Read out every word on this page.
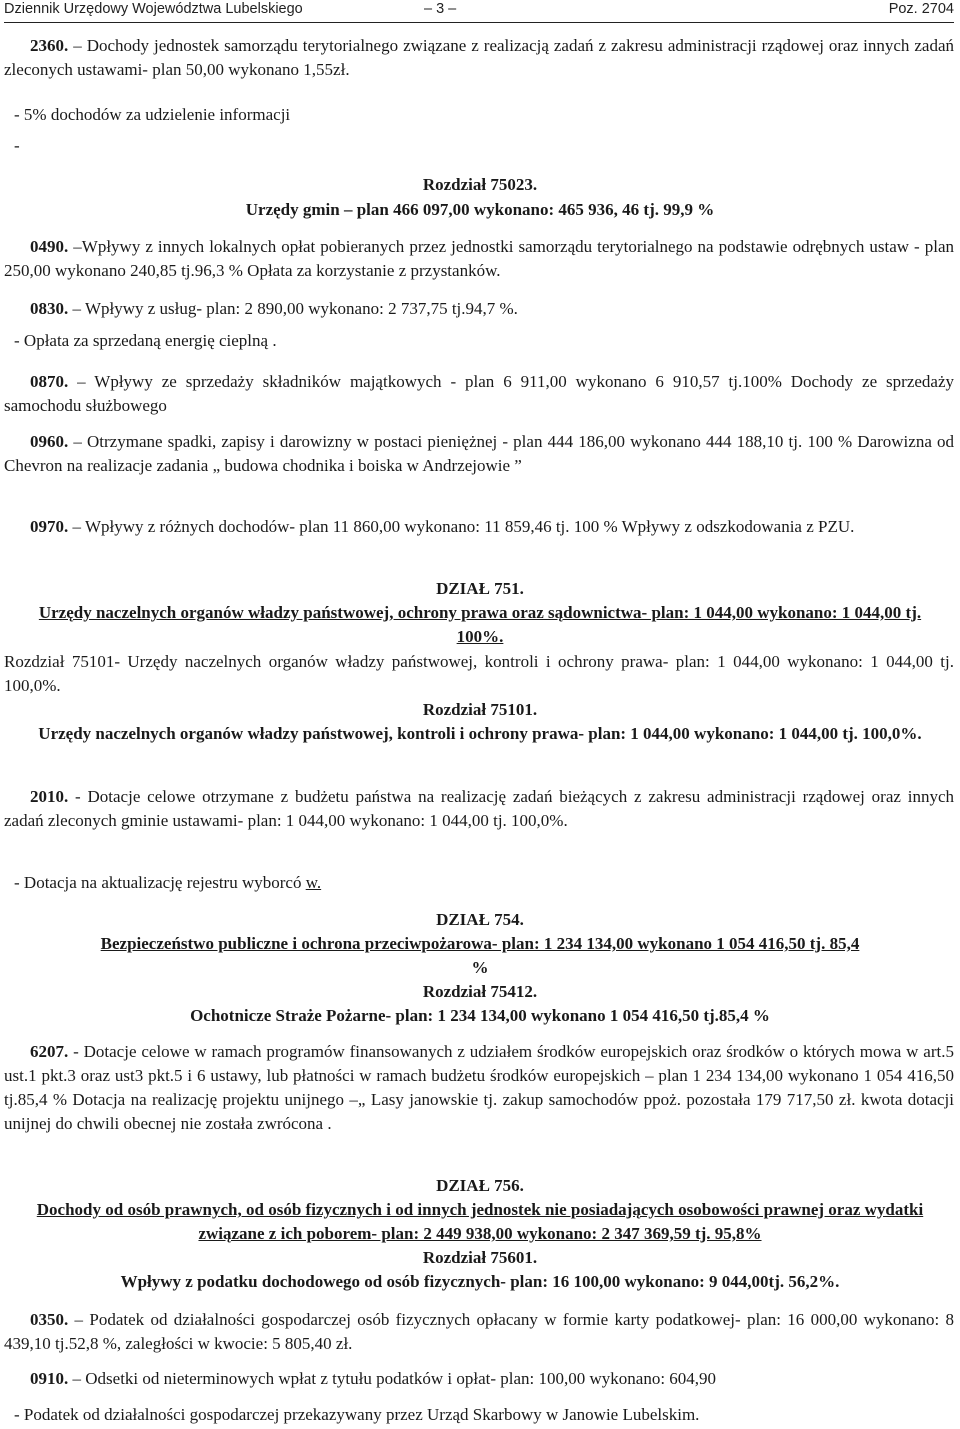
Dziennik Urzędowy Województwa Lubelskiego	– 3 –	Poz. 2704

2360. – Dochody jednostek samorządu terytorialnego związane z realizacją zadań z zakresu administracji rządowej oraz innych zadań zleconych ustawami- plan 50,00 wykonano 1,55zł.

- 5% dochodów za udzielenie informacji

-

Rozdział 75023.

Urzędy gmin – plan 466 097,00 wykonano: 465 936, 46 tj. 99,9 %

0490. –Wpływy z innych lokalnych opłat pobieranych przez jednostki samorządu terytorialnego na podstawie odrębnych ustaw - plan 250,00 wykonano 240,85 tj.96,3 % Opłata za korzystanie z przystanków.

0830. – Wpływy z usług- plan: 2 890,00 wykonano: 2 737,75 tj.94,7 %.

- Opłata za sprzedaną energię cieplną .

0870. – Wpływy ze sprzedaży składników majątkowych - plan 6 911,00 wykonano 6 910,57 tj.100% Dochody ze sprzedaży samochodu służbowego

0960. – Otrzymane spadki, zapisy i darowizny w postaci pieniężnej - plan 444 186,00 wykonano 444 188,10 tj. 100 % Darowizna od Chevron na realizacje zadania „ budowa chodnika i boiska w Andrzejowie ”

0970. – Wpływy z różnych dochodów- plan 11 860,00 wykonano: 11 859,46 tj. 100 % Wpływy z odszkodowania z PZU.

DZIAŁ 751.

Urzędy naczelnych organów władzy państwowej, ochrony prawa oraz sądownictwa- plan: 1 044,00 wykonano: 1 044,00 tj. 100%.

Rozdział 75101- Urzędy naczelnych organów władzy państwowej, kontroli i ochrony prawa- plan: 1 044,00 wykonano: 1 044,00 tj. 100,0%.

Rozdział 75101.

Urzędy naczelnych organów władzy państwowej, kontroli i ochrony prawa- plan: 1 044,00 wykonano: 1 044,00 tj. 100,0%.

2010. - Dotacje celowe otrzymane z budżetu państwa na realizację zadań bieżących z zakresu administracji rządowej oraz innych zadań zleconych gminie ustawami- plan: 1 044,00 wykonano: 1 044,00 tj. 100,0%.

- Dotacja na aktualizację rejestru wyborcó w.

DZIAŁ 754.

Bezpieczeństwo publiczne i ochrona przeciwpożarowa- plan: 1 234 134,00 wykonano 1 054 416,50 tj. 85,4

%

Rozdział 75412.

Ochotnicze Straże Pożarne- plan: 1 234 134,00 wykonano 1 054 416,50 tj.85,4 %

6207. - Dotacje celowe w ramach programów finansowanych z udziałem środków europejskich oraz środków o których mowa w art.5 ust.1 pkt.3 oraz ust3 pkt.5 i 6 ustawy, lub płatności w ramach budżetu środków europejskich – plan 1 234 134,00 wykonano 1 054 416,50 tj.85,4 % Dotacja na realizację projektu unijnego –„ Lasy janowskie tj. zakup samochodów ppoż. pozostała 179 717,50 zł. kwota dotacji unijnej do chwili obecnej nie została zwrócona .

DZIAŁ 756.

Dochody od osób prawnych, od osób fizycznych i od innych jednostek nie posiadających osobowości prawnej oraz wydatki związane z ich poborem- plan: 2 449 938,00 wykonano: 2 347 369,59 tj. 95,8%

Rozdział 75601.

Wpływy z podatku dochodowego od osób fizycznych- plan: 16 100,00 wykonano: 9 044,00tj. 56,2%.

0350. – Podatek od działalności gospodarczej osób fizycznych opłacany w formie karty podatkowej- plan: 16 000,00 wykonano: 8 439,10 tj.52,8 %, zaległości w kwocie: 5 805,40 zł.

0910. – Odsetki od nieterminowych wpłat z tytułu podatków i opłat- plan: 100,00 wykonano: 604,90

- Podatek od działalności gospodarczej przekazywany przez Urząd Skarbowy w Janowie Lubelskim.
